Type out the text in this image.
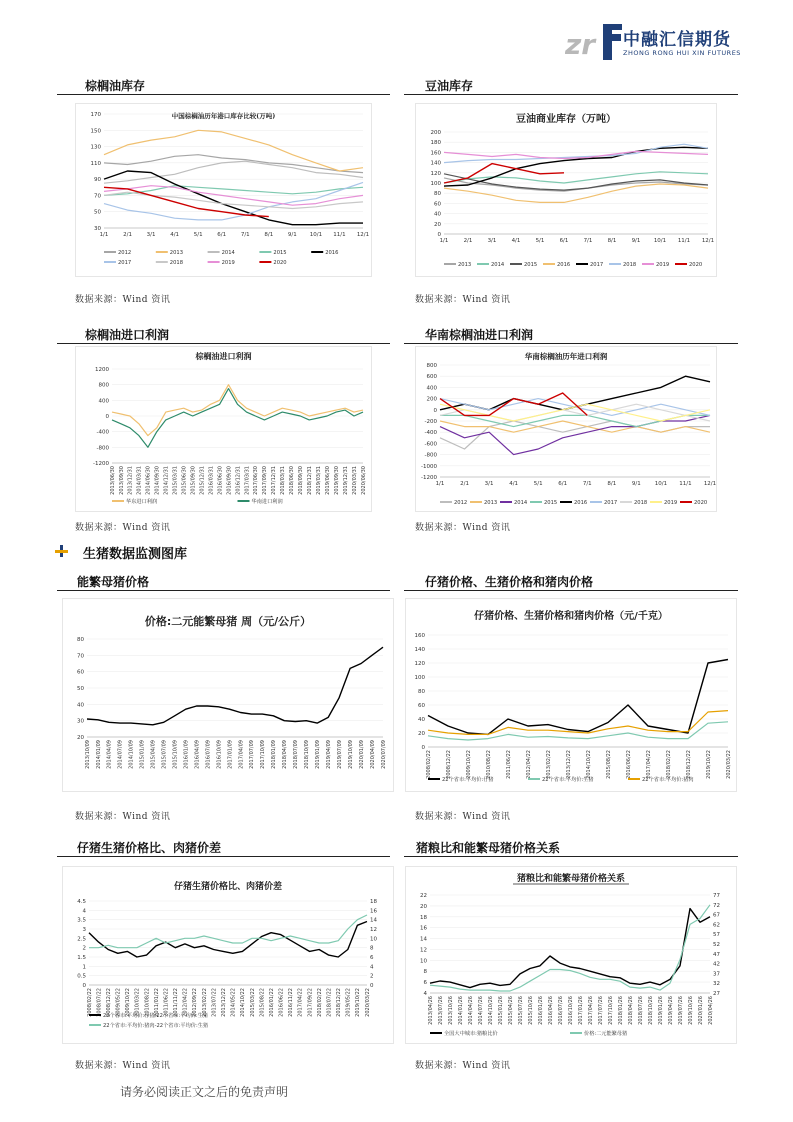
zr 中融汇信期货
ZHONG RONG HUI XIN FUTURES
棕榈油库存	豆油库存
中国棕榈油历年港口库存比较(万吨)
30
50
70
90
110
130
150
170
1/1	2/1	3/1	4/1	5/1	6/1	7/1	8/1	9/1 10/1 11/1 12/1
2012	2013	2014	2015	2016
2017	2018	2019	2020
豆油商业库存（万吨）
0
20
40
60
80
100
120
140
160
180
200
1/1	2/1	3/1	4/1	5/1	6/1	7/1	8/1	9/1 10/1 11/1 12/1
2013	2014	2015	2016	2017	2018	2019	2020
数据来源：Wind 资讯	数据来源：Wind 资讯
棕榈油进口利润	华南棕榈油进口利润
棕榈油进口利润
-1200
-800
-400
0
400
800
1200
2013/06/30 2013/09/30 2013/12/31 2014/03/31 2014/06/30 2014/09/30 2014/12/31 2015/03/31 2015/06/30 2015/09/30 2015/12/31 2016/03/31 2016/06/30 2016/09/30 2016/12/31 2017/03/31 2017/06/30 2017/09/30 2017/12/31 2018/03/31 2018/06/30 2018/09/30 2018/12/31 2019/03/31 2019/06/30 2019/09/30 2019/12/31 2020/03/31 2020/06/30
华东进口利润	华南进口利润
华南棕榈油历年进口利润
-1200
-1000
-800
-600
-400
-200
0
200
400
600
800
1/1	2/1	3/1	4/1	5/1	6/1	7/1	8/1	9/1	10/1 11/1 12/1
2012	2013	2014	2015	2016	2017	2018	2019	2020
数据来源：Wind 资讯	数据来源：Wind 资讯
生猪数据监测图库
能繁母猪价格	仔猪价格、生猪价格和猪肉价格
价格:二元能繁母猪 周（元/公斤）
20
30
40
50
60
70
80
2013/10/09 2014/01/09 2014/04/09 2014/07/09 2014/10/09 2015/01/09 2015/04/09 2015/07/09 2015/10/09 2016/01/09 2016/04/09 2016/07/09 2016/10/09 2017/01/09 2017/04/09 2017/07/09 2017/10/09 2018/01/09 2018/04/09 2018/07/09 2018/10/09 2019/01/09 2019/04/09 2019/07/09 2019/10/09 2020/01/09 2020/04/09 2020/07/09
仔猪价格、生猪价格和猪肉价格（元/千克）
0
20
40
60
80
100
120
140
160
2008/02/22	2008/12/22	2009/10/22	2010/08/22	2011/06/22	2012/04/22	2013/02/22	2013/12/22	2014/10/22	2015/08/22	2016/06/22	2017/04/22	2018/02/22	2018/12/22	2019/10/22	2020/03/22
22个省市:平均价:仔猪	22个省市:平均价:生猪	22个省市:平均价:猪肉
数据来源：Wind 资讯	数据来源：Wind 资讯
仔猪生猪价格比、肉猪价差	猪粮比和能繁母猪价格关系
仔猪生猪价格比、肉猪价差
0
0.5
1
1.5
2
2.5
3
3.5
4
4.5
0
2
4
6
8
10
12
14
16
18
2008/02/22 2008/07/22 2008/12/22 2009/05/22 2009/10/22 2010/03/22 2010/08/22 2011/01/22 2011/06/22 2011/11/22 2012/04/22 2012/09/22 2013/02/22 2013/07/22 2013/12/22 2014/05/22 2014/10/22 2015/03/22 2015/08/22 2016/01/22 2016/06/22 2016/11/22 2017/04/22 2017/09/22 2018/02/22 2018/07/22 2018/12/22 2019/05/22 2019/10/22 2020/03/22
22个省市:平均价:仔猪/22个省市:平均价:生猪
22个省市:平均价:猪肉-22个省市:平均价:生猪
猪粮比和能繁母猪价格关系
4
6
8
10
12
14
16
18
20
22
27
32
37
42
47
52
57
62
67
72
77
2013/04/26 2013/07/26 2013/10/26 2014/01/26 2014/04/26 2014/07/26 2014/10/26 2015/01/26 2015/04/26 2015/07/26 2015/10/26 2016/01/26 2016/04/26 2016/07/26 2016/10/26 2017/01/26 2017/04/26 2017/07/26 2017/10/26 2018/01/26 2018/04/26 2018/07/26 2018/10/26 2019/01/26 2019/04/26 2019/07/26 2019/10/26 2020/01/26 2020/04/26
全国大中城市:猪粮比价	价格:二元能繁母猪
数据来源：Wind 资讯	数据来源：Wind 资讯
请务必阅读正文之后的免责声明
